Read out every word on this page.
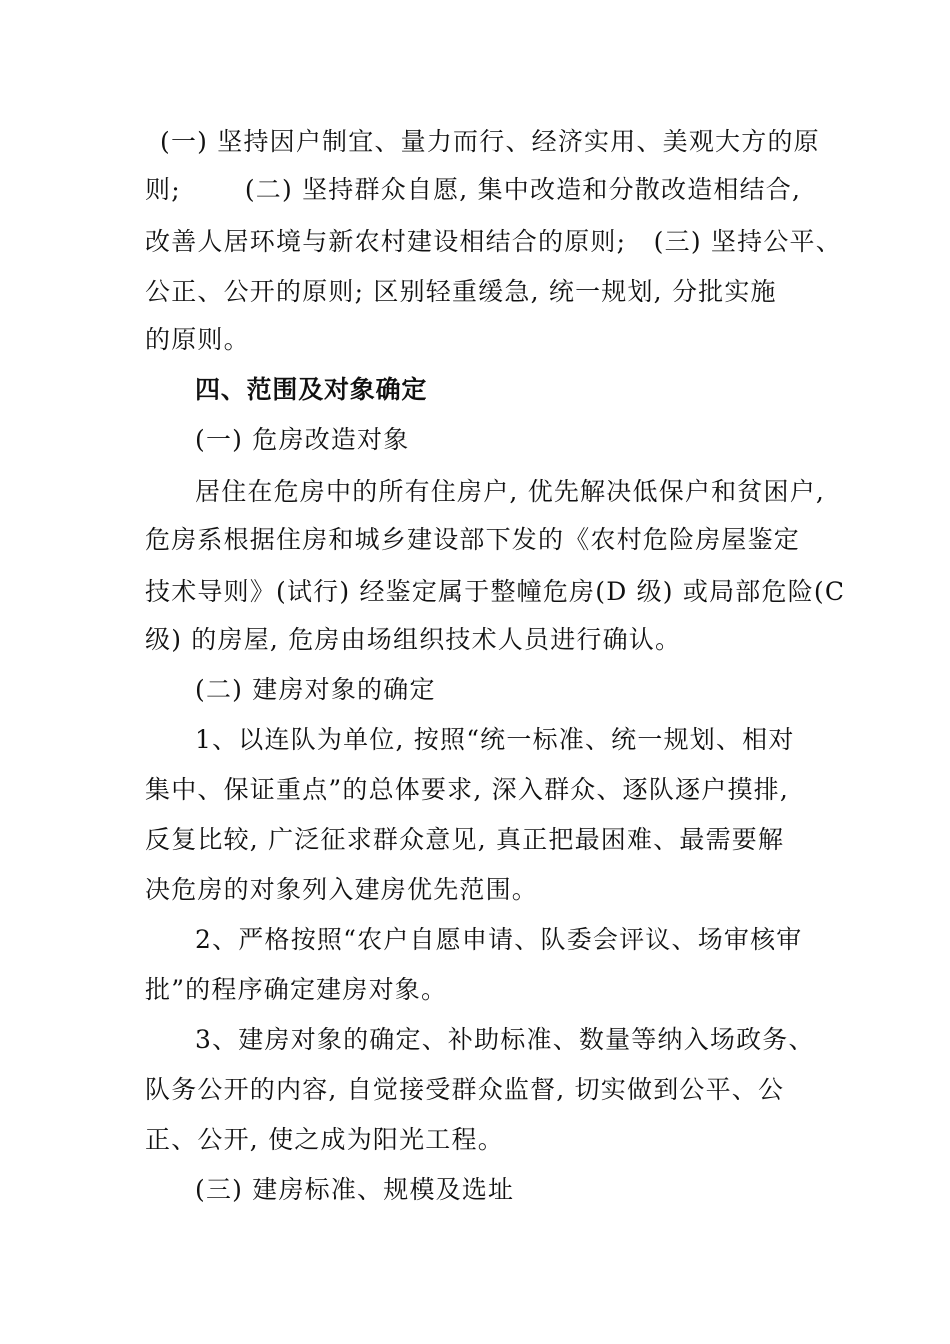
(一) 坚持因户制宜、量力而行、经济实用、美观大方的原
则;       (二) 坚持群众自愿, 集中改造和分散改造相结合,
改善人居环境与新农村建设相结合的原则;   (三) 坚持公平、
公正、公开的原则; 区别轻重缓急, 统一规划, 分批实施
的原则。
四、范围及对象确定
(一) 危房改造对象
居住在危房中的所有住房户, 优先解决低保户和贫困户,
危房系根据住房和城乡建设部下发的《农村危险房屋鉴定
技术导则》(试行) 经鉴定属于整幢危房(D 级) 或局部危险(C
级) 的房屋, 危房由场组织技术人员进行确认。
(二) 建房对象的确定
1、以连队为单位, 按照“统一标准、统一规划、相对
集中、保证重点”的总体要求, 深入群众、逐队逐户摸排,
反复比较, 广泛征求群众意见, 真正把最困难、最需要解
决危房的对象列入建房优先范围。
2、严格按照“农户自愿申请、队委会评议、场审核审
批”的程序确定建房对象。
3、建房对象的确定、补助标准、数量等纳入场政务、
队务公开的内容, 自觉接受群众监督, 切实做到公平、公
正、公开, 使之成为阳光工程。
(三) 建房标准、规模及选址
